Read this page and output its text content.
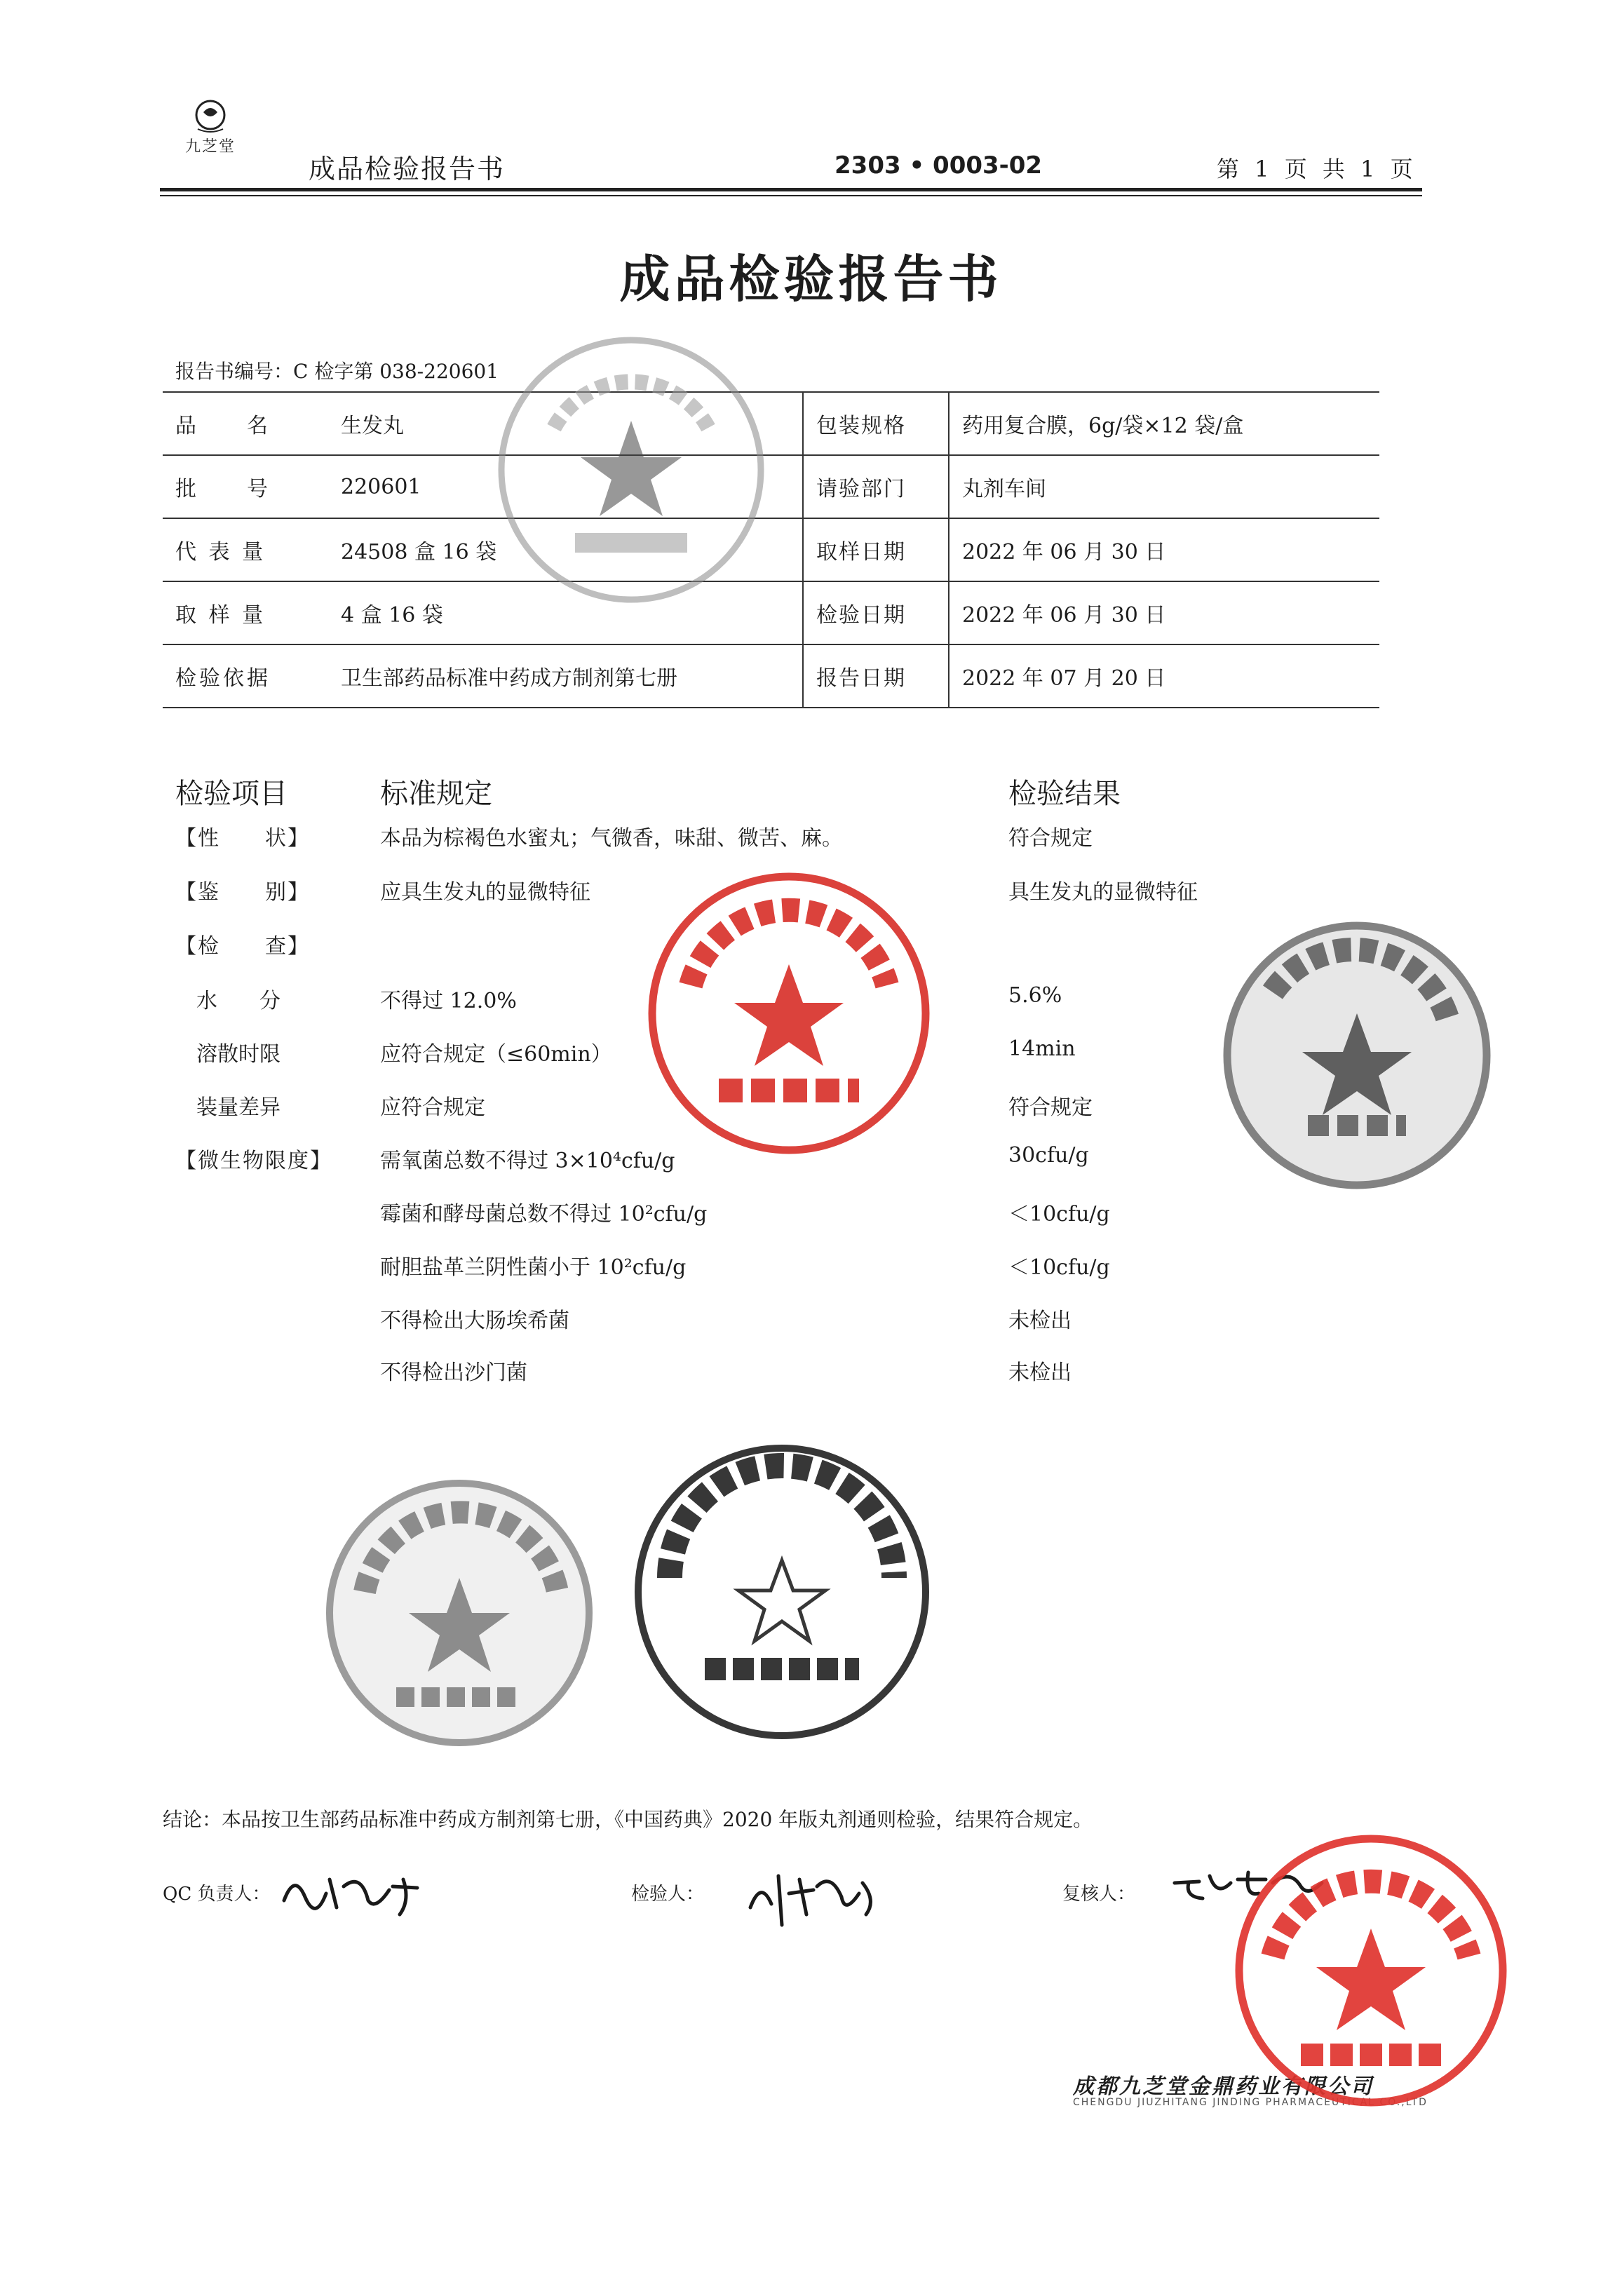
九芝堂
成品检验报告书	2303 • 0003-02	第 1 页 共 1 页
成品检验报告书
报告书编号：C 检字第 038-220601
品　　名	生发丸	包装规格	药用复合膜，6g/袋×12 袋/盒
批　　号	220601	请验部门	丸剂车间
代 表 量	24508 盒 16 袋	取样日期	2022 年 06 月 30 日
取 样 量	4 盒 16 袋	检验日期	2022 年 06 月 30 日
检验依据	卫生部药品标准中药成方制剂第七册	报告日期	2022 年 07 月 20 日
检验项目	标准规定	检验结果
【性　　状】	本品为棕褐色水蜜丸；气微香，味甜、微苦、麻。	符合规定
【鉴　　别】	应具生发丸的显微特征	具生发丸的显微特征
【检　　查】
水　　分	不得过 12.0%	5.6%
溶散时限	应符合规定（≤60min）	14min
装量差异	应符合规定	符合规定
【微生物限度】	需氧菌总数不得过 3×10⁴cfu/g	30cfu/g
霉菌和酵母菌总数不得过 10²cfu/g	＜10cfu/g
耐胆盐革兰阴性菌小于 10²cfu/g	＜10cfu/g
不得检出大肠埃希菌	未检出
不得检出沙门菌	未检出
结论：本品按卫生部药品标准中药成方制剂第七册，《中国药典》2020 年版丸剂通则检验，结果符合规定。
QC 负责人：	检验人：	复核人：
成都九芝堂金鼎药业有限公司
CHENGDU JIUZHITANG JINDING PHARMACEUTICAL CO.,LTD
